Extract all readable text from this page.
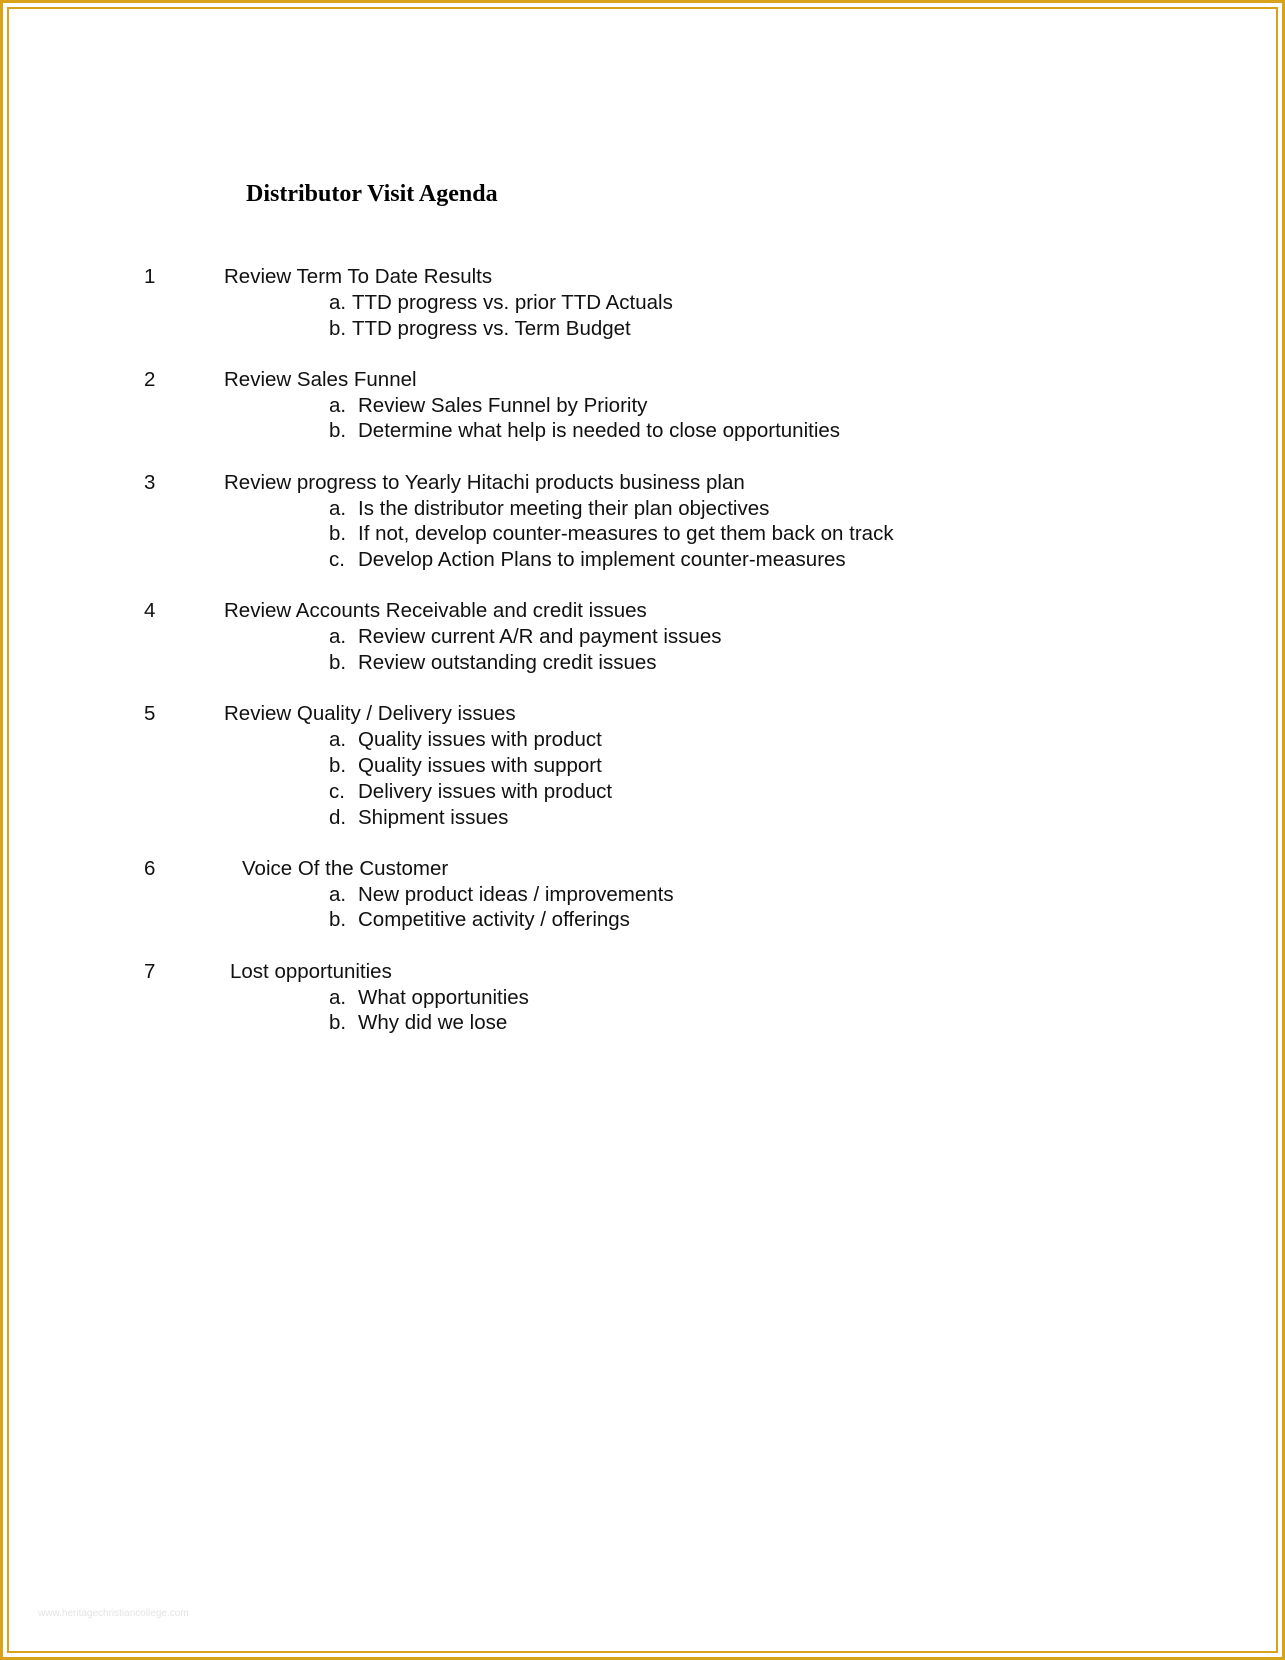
Distributor Visit Agenda
1	Review Term To Date Results
a. TTD progress vs. prior TTD Actuals
b. TTD progress vs. Term Budget
2	Review Sales Funnel
a. Review Sales Funnel by Priority
b. Determine what help is needed to close opportunities
3	Review progress to Yearly Hitachi products business plan
a. Is the distributor meeting their plan objectives
b. If not, develop counter-measures to get them back on track
c. Develop Action Plans to implement counter-measures
4	Review Accounts Receivable and credit issues
a. Review current A/R and payment issues
b. Review outstanding credit issues
5	Review Quality / Delivery issues
a. Quality issues with product
b. Quality issues with support
c. Delivery issues with product
d. Shipment issues
6	Voice Of the Customer
a. New product ideas / improvements
b. Competitive activity / offerings
7	Lost opportunities
a. What opportunities
b. Why did we lose
www.heritagechristiancollege.com
